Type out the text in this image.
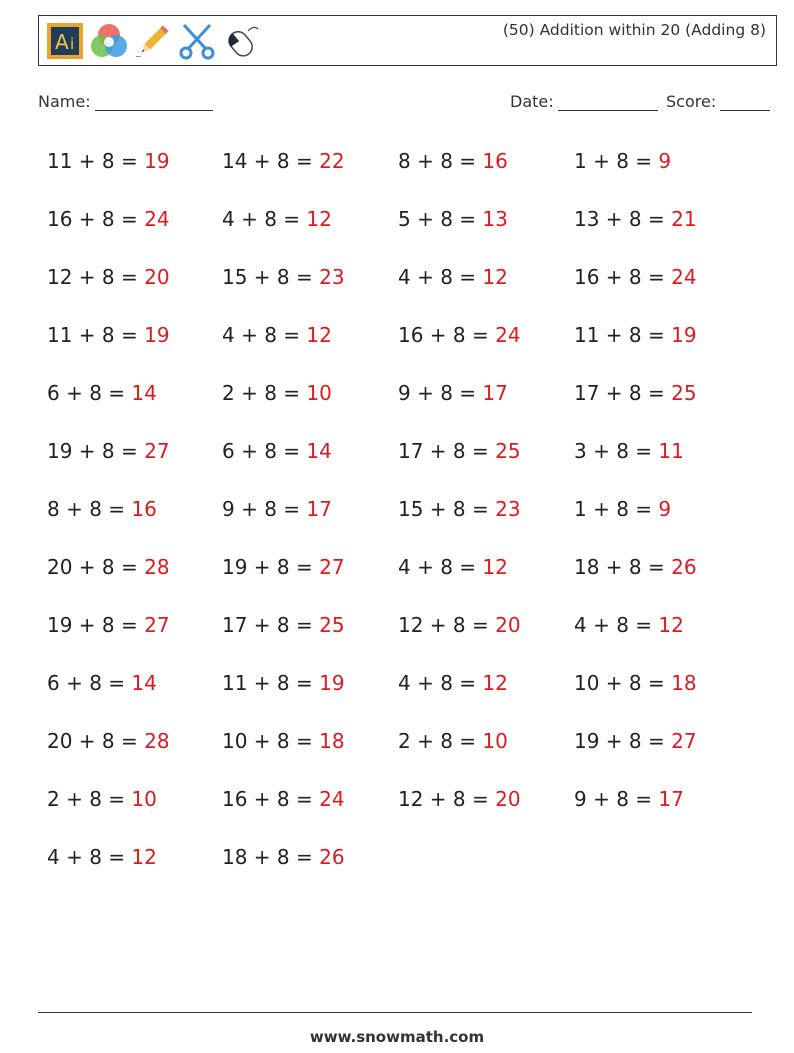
A i
~
(50) Addition within 20 (Adding 8)
Name:	Date:	Score:
11 + 8 = 19	14 + 8 = 22	8 + 8 = 16	1 + 8 = 9
16 + 8 = 24	4 + 8 = 12	5 + 8 = 13	13 + 8 = 21
12 + 8 = 20	15 + 8 = 23	4 + 8 = 12	16 + 8 = 24
11 + 8 = 19	4 + 8 = 12	16 + 8 = 24	11 + 8 = 19
6 + 8 = 14	2 + 8 = 10	9 + 8 = 17	17 + 8 = 25
19 + 8 = 27	6 + 8 = 14	17 + 8 = 25	3 + 8 = 11
8 + 8 = 16	9 + 8 = 17	15 + 8 = 23	1 + 8 = 9
20 + 8 = 28	19 + 8 = 27	4 + 8 = 12	18 + 8 = 26
19 + 8 = 27	17 + 8 = 25	12 + 8 = 20	4 + 8 = 12
6 + 8 = 14	11 + 8 = 19	4 + 8 = 12	10 + 8 = 18
20 + 8 = 28	10 + 8 = 18	2 + 8 = 10	19 + 8 = 27
2 + 8 = 10	16 + 8 = 24	12 + 8 = 20	9 + 8 = 17
4 + 8 = 12	18 + 8 = 26
www.snowmath.com
